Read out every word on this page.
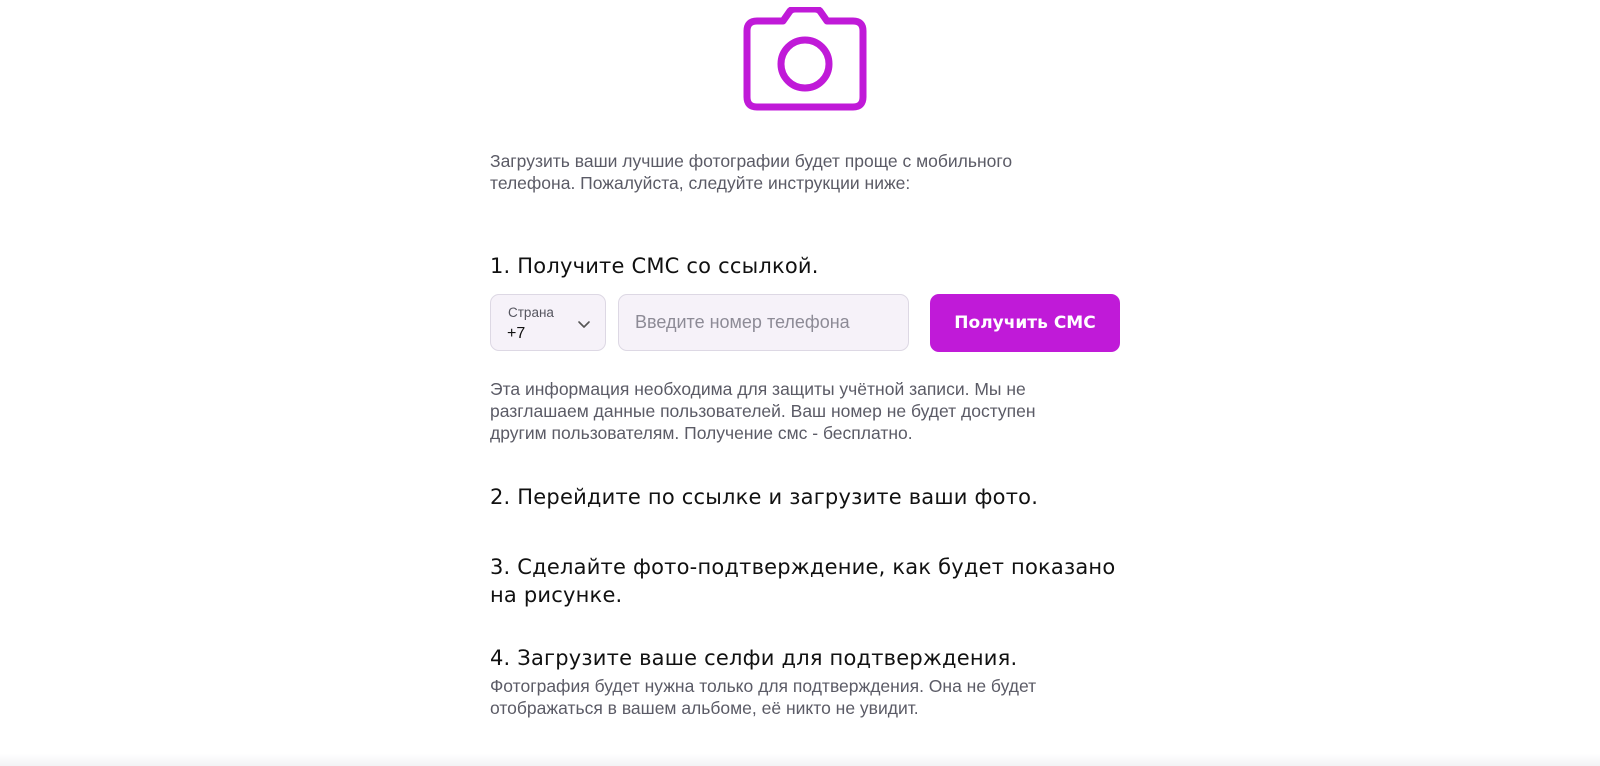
Загрузить ваши лучшие фотографии будет проще с мобильного телефона. Пожалуйста, следуйте инструкции ниже:

1. Получите СМС со ссылкой.
Страна
+7
Введите номер телефона
Получить СМС

Эта информация необходима для защиты учётной записи. Мы не разглашаем данные пользователей. Ваш номер не будет доступен другим пользователям. Получение смс - бесплатно.

2. Перейдите по ссылке и загрузите ваши фото.
3. Сделайте фото-подтверждение, как будет показано на рисунке.
4. Загрузите ваше селфи для подтверждения.

Фотография будет нужна только для подтверждения. Она не будет отображаться в вашем альбоме, её никто не увидит.
